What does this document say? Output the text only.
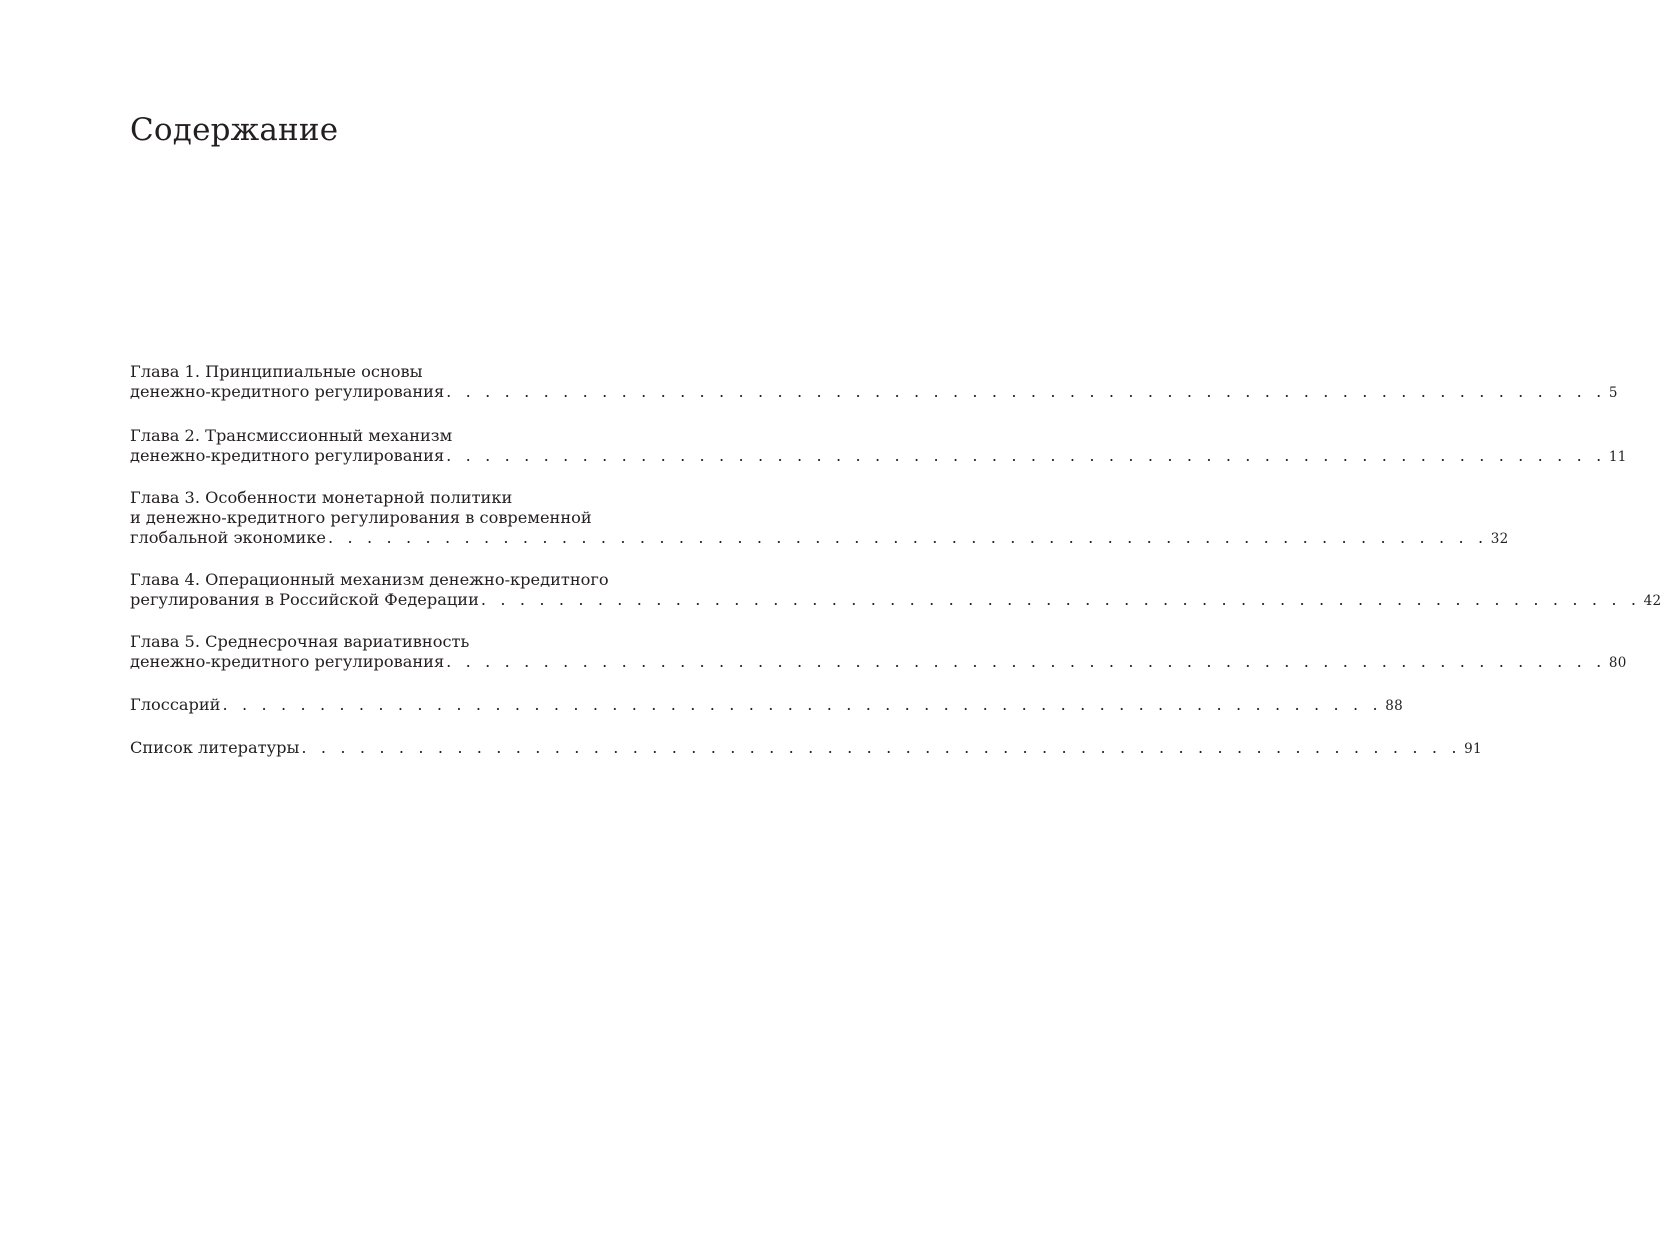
Содержание
Глава 1. Принципиальные основы
денежно-кредитного регулирования . . . . . . . . . . . . . . . . . . . . . . . . . . . . . . . . . . . . . . . . . . . . . . . . . . . . . . . . . . . . 5
Глава 2. Трансмиссионный механизм
денежно-кредитного регулирования . . . . . . . . . . . . . . . . . . . . . . . . . . . . . . . . . . . . . . . . . . . . . . . . . . . . . . . . . . . . 11
Глава 3. Особенности монетарной политики
и денежно-кредитного регулирования в современной
глобальной экономике . . . . . . . . . . . . . . . . . . . . . . . . . . . . . . . . . . . . . . . . . . . . . . . . . . . . . . . . . . . . 32
Глава 4. Операционный механизм денежно-кредитного
регулирования в Российской Федерации . . . . . . . . . . . . . . . . . . . . . . . . . . . . . . . . . . . . . . . . . . . . . . . . . . . . . . . . . . . . 42
Глава 5. Среднесрочная вариативность
денежно-кредитного регулирования . . . . . . . . . . . . . . . . . . . . . . . . . . . . . . . . . . . . . . . . . . . . . . . . . . . . . . . . . . . . 80
Глоссарий . . . . . . . . . . . . . . . . . . . . . . . . . . . . . . . . . . . . . . . . . . . . . . . . . . . . . . . . . . . . 88
Список литературы . . . . . . . . . . . . . . . . . . . . . . . . . . . . . . . . . . . . . . . . . . . . . . . . . . . . . . . . . . . . 91
